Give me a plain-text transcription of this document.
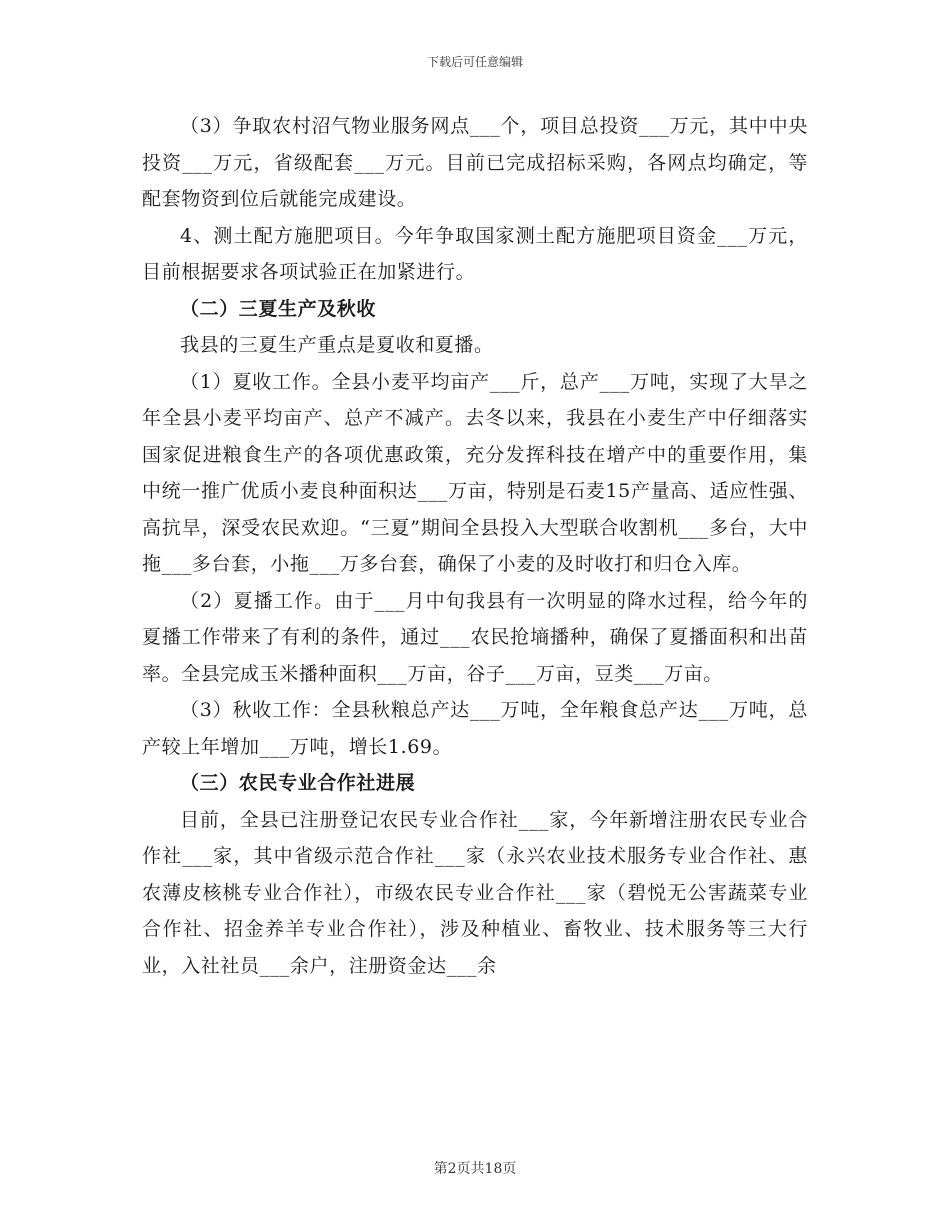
下载后可任意编辑

（3）争取农村沼气物业服务网点___个，项目总投资___万元，其中中央投资___万元，省级配套___万元。目前已完成招标采购，各网点均确定，等配套物资到位后就能完成建设。

4、测土配方施肥项目。今年争取国家测土配方施肥项目资金___万元，目前根据要求各项试验正在加紧进行。

（二）三夏生产及秋收

我县的三夏生产重点是夏收和夏播。

（1）夏收工作。全县小麦平均亩产___斤，总产___万吨，实现了大旱之年全县小麦平均亩产、总产不减产。去冬以来，我县在小麦生产中仔细落实国家促进粮食生产的各项优惠政策，充分发挥科技在增产中的重要作用，集中统一推广优质小麦良种面积达___万亩，特别是石麦15产量高、适应性强、高抗旱，深受农民欢迎。“三夏”期间全县投入大型联合收割机___多台，大中拖___多台套，小拖___万多台套，确保了小麦的及时收打和归仓入库。

（2）夏播工作。由于___月中旬我县有一次明显的降水过程，给今年的夏播工作带来了有利的条件，通过___农民抢墒播种，确保了夏播面积和出苗率。全县完成玉米播种面积___万亩，谷子___万亩，豆类___万亩。

（3）秋收工作：全县秋粮总产达___万吨，全年粮食总产达___万吨，总产较上年增加___万吨，增长1.69。

（三）农民专业合作社进展

目前，全县已注册登记农民专业合作社___家，今年新增注册农民专业合作社___家，其中省级示范合作社___家（永兴农业技术服务专业合作社、惠农薄皮核桃专业合作社），市级农民专业合作社___家（碧悦无公害蔬菜专业合作社、招金养羊专业合作社），涉及种植业、畜牧业、技术服务等三大行业，入社社员___余户，注册资金达___余

第2页共18页
